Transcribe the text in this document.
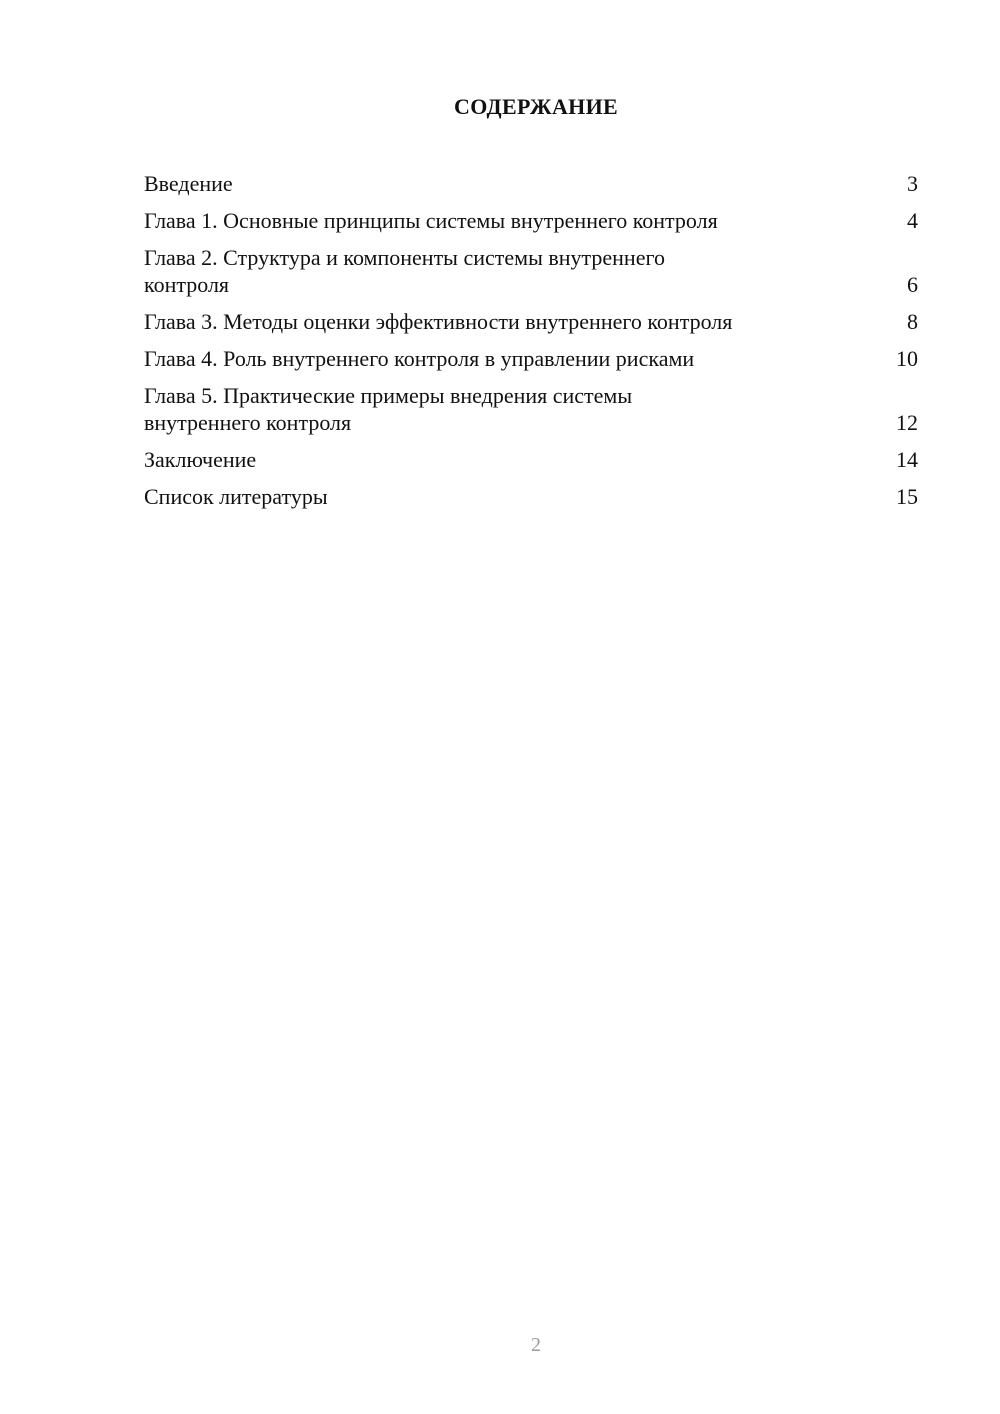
СОДЕРЖАНИЕ
Введение	3
Глава 1. Основные принципы системы внутреннего контроля	4
Глава 2. Структура и компоненты системы внутреннего контроля	6
Глава 3. Методы оценки эффективности внутреннего контроля	8
Глава 4. Роль внутреннего контроля в управлении рисками	10
Глава 5. Практические примеры внедрения системы внутреннего контроля	12
Заключение	14
Список литературы	15
2
